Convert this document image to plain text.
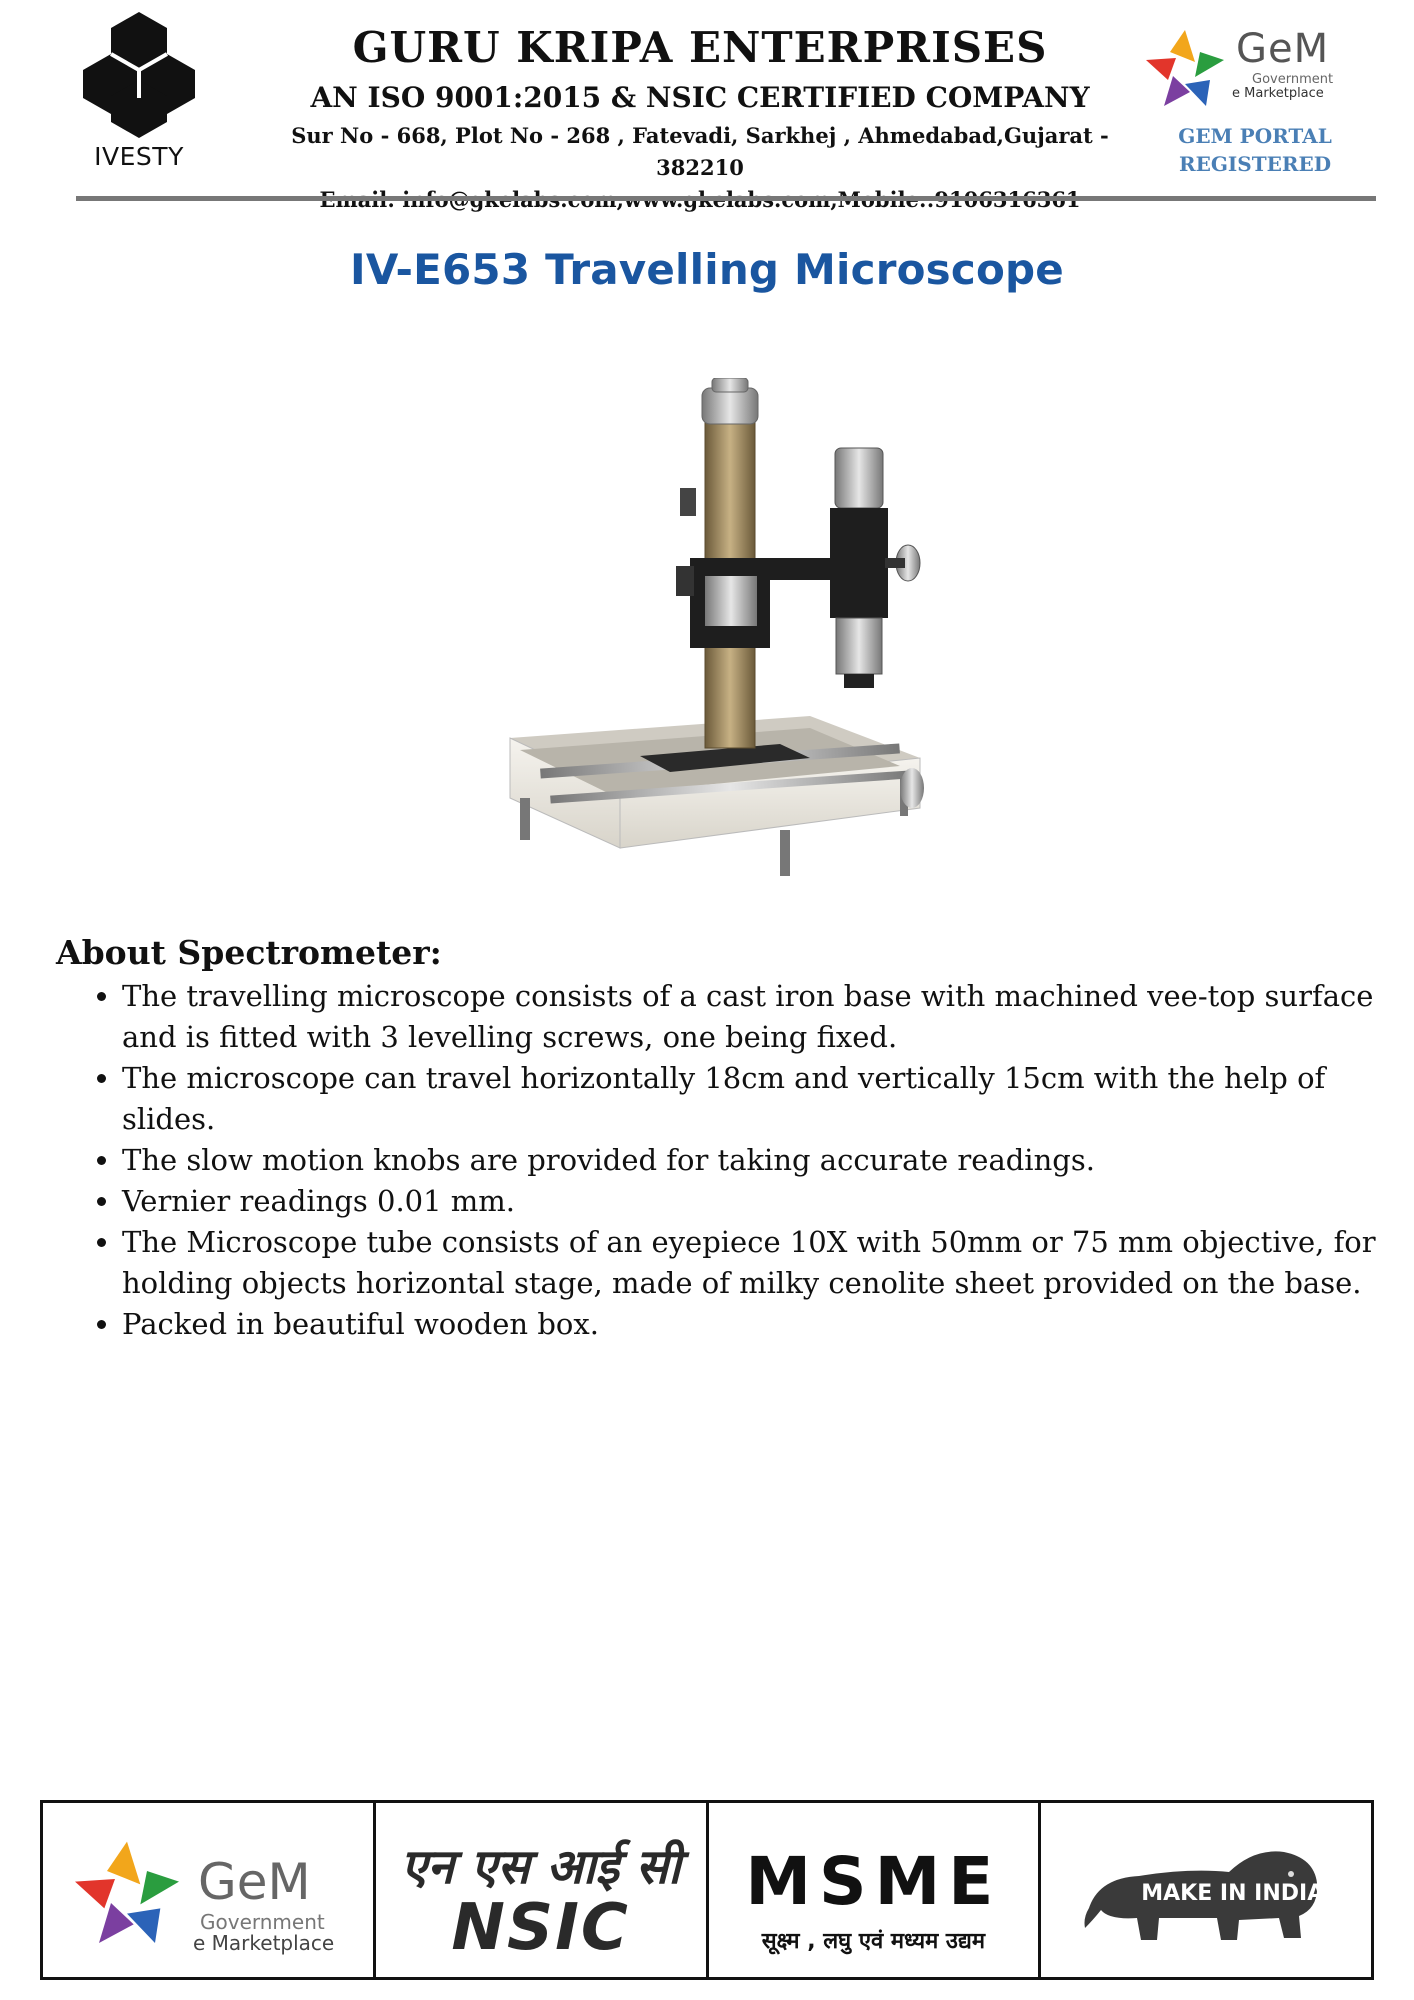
IVESTY
GURU KRIPA ENTERPRISES
AN ISO 9001:2015 & NSIC CERTIFIED COMPANY
Sur No - 668, Plot No - 268 , Fatevadi, Sarkhej , Ahmedabad,Gujarat - 382210
GeM
Government
e Marketplace
GEM PORTAL
REGISTERED
IV-E653 Travelling Microscope
About Spectrometer:
• The travelling microscope consists of a cast iron base with machined vee-top surface and is fitted with 3 levelling screws, one being fixed.
• The microscope can travel horizontally 18cm and vertically 15cm with the help of slides.
• The slow motion knobs are provided for taking accurate readings.
• Vernier readings 0.01 mm.
• The Microscope tube consists of an eyepiece 10X with 50mm or 75 mm objective, for holding objects horizontal stage, made of milky cenolite sheet provided on the base.
• Packed in beautiful wooden box.
GeM
Government
e Marketplace
एन एस आई सी
NSIC
MSME
सूक्ष्म , लघु एवं मध्यम उद्यम
MAKE IN INDIA
